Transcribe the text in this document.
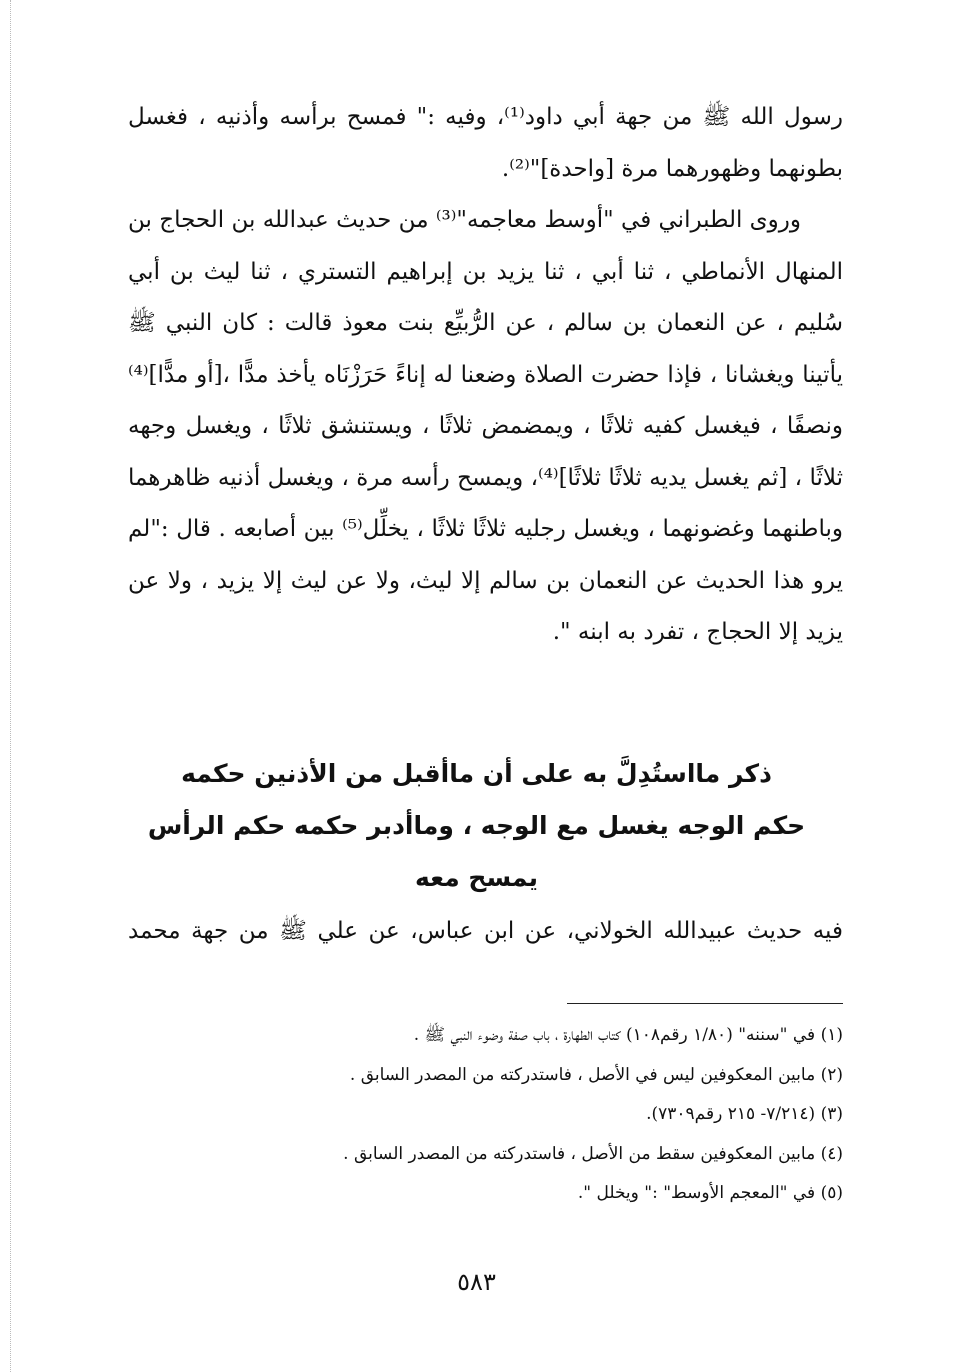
رسول الله ﷺ من جهة أبي داود⁽¹⁾، وفيه :" فمسح برأسه وأذنيه ، فغسل بطونهما وظهورهما مرة [واحدة]"⁽²⁾.

وروى الطبراني في "أوسط معاجمه"⁽³⁾ من حديث عبدالله بن الحجاج بن المنهال الأنماطي ، ثنا أبي ، ثنا يزيد بن إبراهيم التستري ، ثنا ليث بن أبي سُليم ، عن النعمان بن سالم ، عن الرُّبيِّع بنت معوذ قالت : كان النبي ﷺ يأتينا ويغشانا ، فإذا حضرت الصلاة وضعنا له إناءً حَرَزْنَاه يأخذ مدًّا ،[أو مدًّا]⁽⁴⁾ ونصفًا ، فيغسل كفيه ثلاثًا ، ويمضمض ثلاثًا ، ويستنشق ثلاثًا ، ويغسل وجهه ثلاثًا ، [ثم يغسل يديه ثلاثًا ثلاثًا]⁽⁴⁾، ويمسح رأسه مرة ، ويغسل أذنيه ظاهرهما وباطنهما وغضونهما ، ويغسل رجليه ثلاثًا ثلاثًا ، يخلِّل⁽⁵⁾ بين أصابعه . قال :"لم يرو هذا الحديث عن النعمان بن سالم إلا ليث، ولا عن ليث إلا يزيد ، ولا عن يزيد إلا الحجاج ، تفرد به ابنه ".

ذكر مااستُدِلَّ به على أن ماأقبل من الأذنين حكمه
حكم الوجه يغسل مع الوجه ، وماأدبر حكمه حكم الرأس يمسح معه
فيه حديث عبيدالله الخولاني، عن ابن عباس، عن علي ﷺ من جهة محمد
(١) في "سننه" (١/٨٠ رقم١٠٨) كتاب الطهارة ، باب صفة وضوء النبي ﷺ .
(٢) مابين المعكوفين ليس في الأصل ، فاستدركته من المصدر السابق .
(٣) (٧/٢١٤- ٢١٥ رقم٧٣٠٩).
(٤) مابين المعكوفين سقط من الأصل ، فاستدركته من المصدر السابق .
(٥) في "المعجم الأوسط" :" ويخلل ".
٥٨٣
